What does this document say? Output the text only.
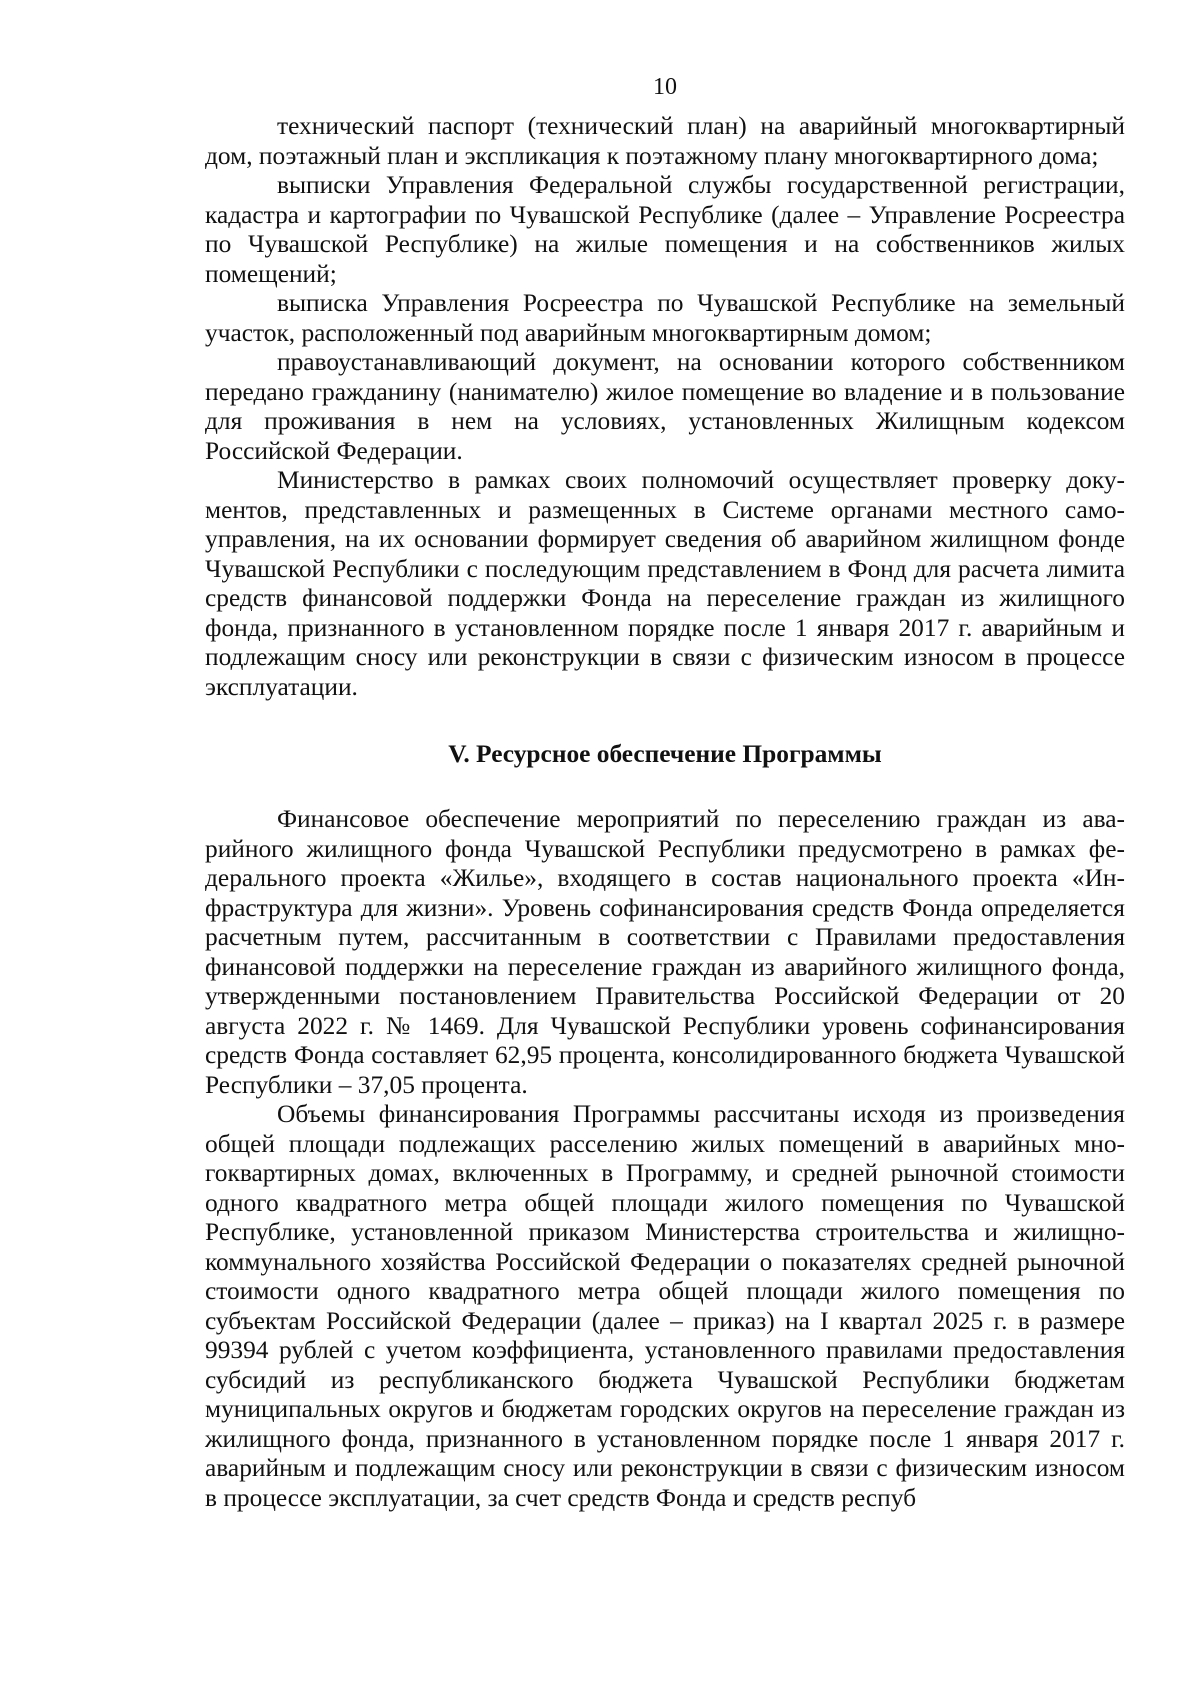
10

технический паспорт (технический план) на аварийный многоквартирный дом, поэтажный план и экспликация к поэтажному плану многоквартирного дома;

выписки Управления Федеральной службы государственной регистрации, кадастра и картографии по Чувашской Республике (далее – Управление Росреестра по Чувашской Республике) на жилые помещения и на собственников жилых помещений;

выписка Управления Росреестра по Чувашской Республике на земельный участок, расположенный под аварийным многоквартирным домом;

правоустанавливающий документ, на основании которого собственником передано гражданину (нанимателю) жилое помещение во владение и в пользование для проживания в нем на условиях, установленных Жилищным кодексом Российской Федерации.

Министерство в рамках своих полномочий осуществляет проверку документов, представленных и размещенных в Системе органами местного самоуправления, на их основании формирует сведения об аварийном жилищном фонде Чувашской Республики с последующим представлением в Фонд для расчета лимита средств финансовой поддержки Фонда на переселение граждан из жилищного фонда, признанного в установленном порядке после 1 января 2017 г. аварийным и подлежащим сносу или реконструкции в связи с физическим износом в процессе эксплуатации.

V. Ресурсное обеспечение Программы

Финансовое обеспечение мероприятий по переселению граждан из аварийного жилищного фонда Чувашской Республики предусмотрено в рамках федерального проекта «Жилье», входящего в состав национального проекта «Инфраструктура для жизни». Уровень софинансирования средств Фонда определяется расчетным путем, рассчитанным в соответствии с Правилами предоставления финансовой поддержки на переселение граждан из аварийного жилищного фонда, утвержденными постановлением Правительства Российской Федерации от 20 августа 2022 г. № 1469. Для Чувашской Республики уровень софинансирования средств Фонда составляет 62,95 процента, консолидированного бюджета Чувашской Республики – 37,05 процента.

Объемы финансирования Программы рассчитаны исходя из произведения общей площади подлежащих расселению жилых помещений в аварийных многоквартирных домах, включенных в Программу, и средней рыночной стоимости одного квадратного метра общей площади жилого помещения по Чувашской Республике, установленной приказом Министерства строительства и жилищно-коммунального хозяйства Российской Федерации о показателях средней рыночной стоимости одного квадратного метра общей площади жилого помещения по субъектам Российской Федерации (далее – приказ) на I квартал 2025 г. в размере 99394 рублей с учетом коэффициента, установленного правилами предоставления субсидий из республиканского бюджета Чувашской Республики бюджетам муниципальных округов и бюджетам городских округов на переселение граждан из жилищного фонда, признанного в установленном порядке после 1 января 2017 г. аварийным и подлежащим сносу или реконструкции в связи с физическим износом в процессе эксплуатации, за счет средств Фонда и средств респуб
